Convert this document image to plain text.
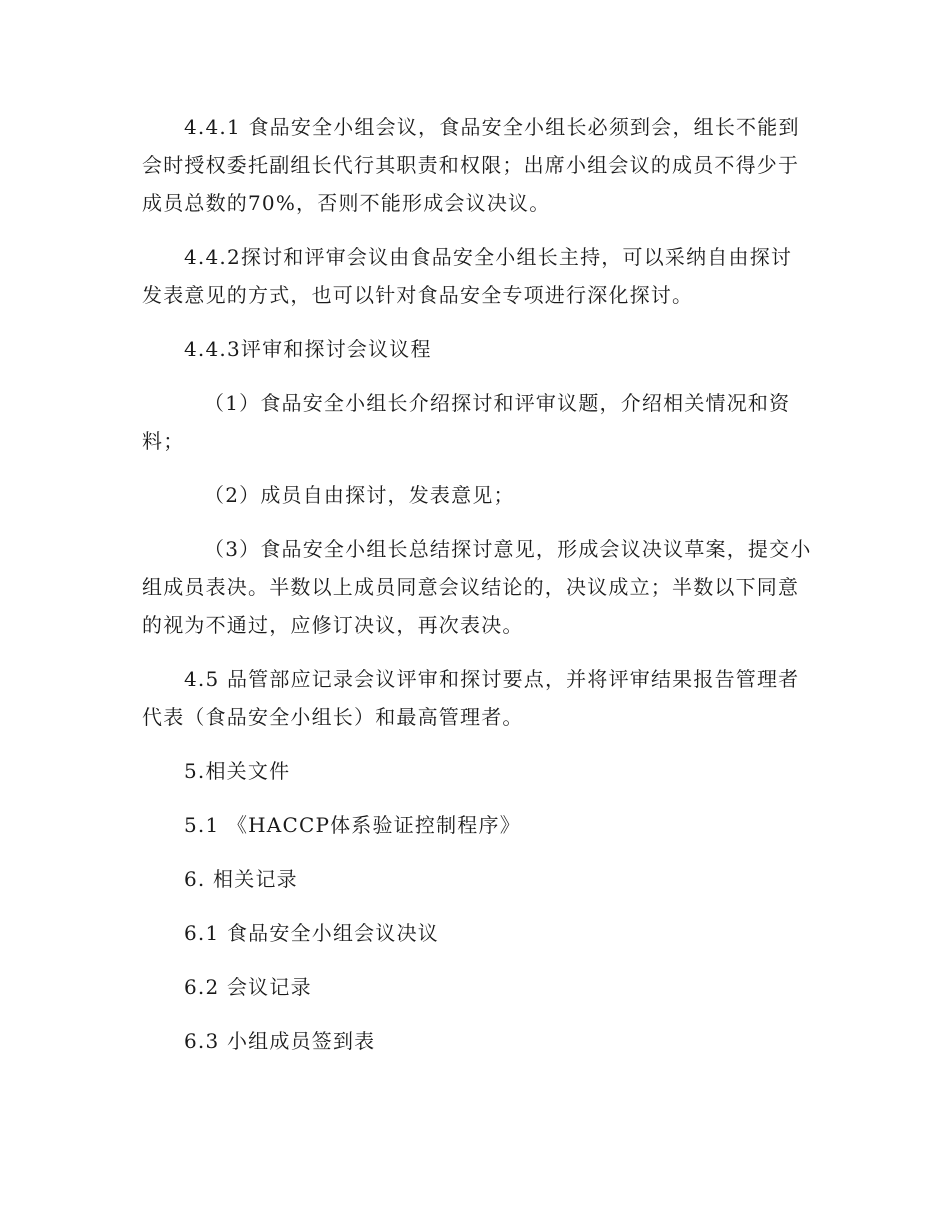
4.4.1 食品安全小组会议，食品安全小组长必须到会，组长不能到会时授权委托副组长代行其职责和权限；出席小组会议的成员不得少于成员总数的70%，否则不能形成会议决议。

4.4.2探讨和评审会议由食品安全小组长主持，可以采纳自由探讨发表意见的方式，也可以针对食品安全专项进行深化探讨。

4.4.3评审和探讨会议议程

（1）食品安全小组长介绍探讨和评审议题，介绍相关情况和资料；

（2）成员自由探讨，发表意见；

（3）食品安全小组长总结探讨意见，形成会议决议草案，提交小组成员表决。半数以上成员同意会议结论的，决议成立；半数以下同意的视为不通过，应修订决议，再次表决。

4.5 品管部应记录会议评审和探讨要点，并将评审结果报告管理者代表（食品安全小组长）和最高管理者。

5.相关文件

5.1 《HACCP体系验证控制程序》

6. 相关记录

6.1 食品安全小组会议决议

6.2 会议记录

6.3 小组成员签到表
